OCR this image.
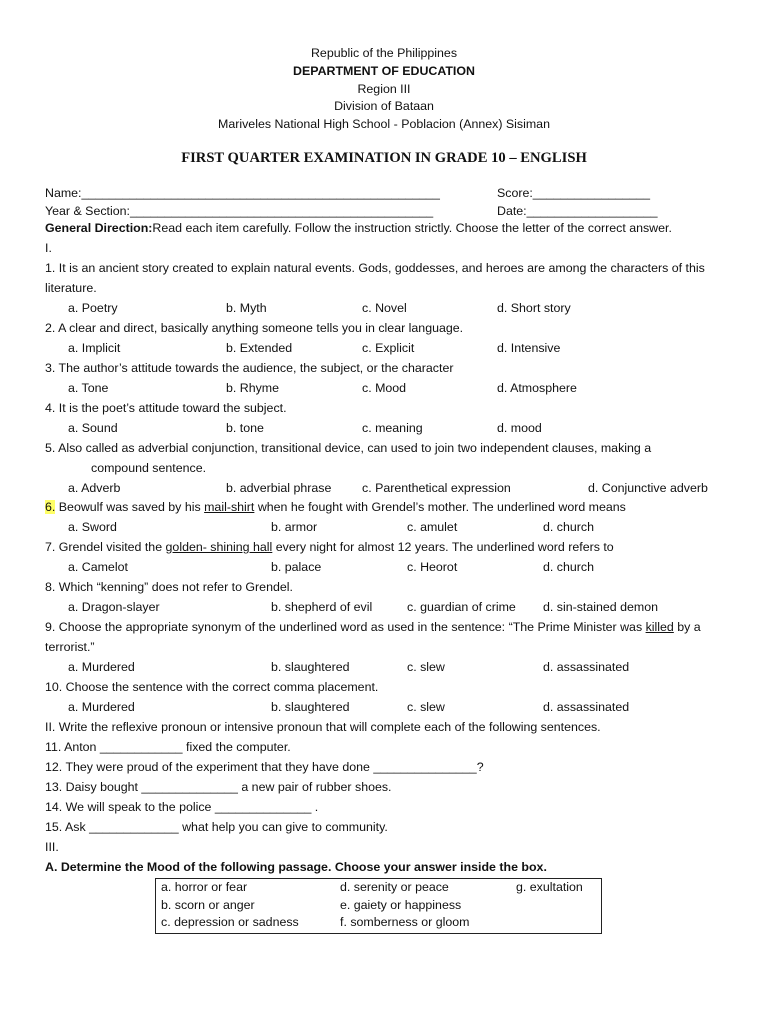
Republic of the Philippines
DEPARTMENT OF EDUCATION
Region III
Division of Bataan
Mariveles National High School - Poblacion (Annex) Sisiman
FIRST QUARTER EXAMINATION IN GRADE 10 – ENGLISH
Name:____________________________________________________	Score:_________________
Year & Section:____________________________________________	Date:___________________
General Direction:Read each item carefully. Follow the instruction strictly. Choose the letter of the correct answer.
I.
1. It is an ancient story created to explain natural events. Gods, goddesses, and heroes are among the characters of this
literature.
a. Poetry	b. Myth	c. Novel	d. Short story
2. A clear and direct, basically anything someone tells you in clear language.
a. Implicit	b. Extended	c. Explicit	d. Intensive
3. The author’s attitude towards the audience, the subject, or the character
a. Tone	b. Rhyme	c. Mood	d. Atmosphere
4. It is the poet’s attitude toward the subject.
a. Sound	b. tone	c. meaning	d. mood
5. Also called as adverbial conjunction, transitional device, can used to join two independent clauses, making a
compound sentence.
a. Adverb	b. adverbial phrase c. Parenthetical expression	d. Conjunctive adverb
6. Beowulf was saved by his mail-shirt when he fought with Grendel’s mother. The underlined word means
a. Sword	b. armor	c. amulet	d. church
7. Grendel visited the golden- shining hall every night for almost 12 years. The underlined word refers to
a. Camelot	b. palace	c. Heorot	d. church
8. Which “kenning” does not refer to Grendel.
a. Dragon-slayer	b. shepherd of evil	c. guardian of crime d. sin-stained demon
9. Choose the appropriate synonym of the underlined word as used in the sentence: “The Prime Minister was killed by a
terrorist.”
a. Murdered	b. slaughtered	c. slew	d. assassinated
10. Choose the sentence with the correct comma placement.
a. Murdered	b. slaughtered	c. slew	d. assassinated
II. Write the reflexive pronoun or intensive pronoun that will complete each of the following sentences.
11. Anton ____________ fixed the computer.
12. They were proud of the experiment that they have done _______________?
13. Daisy bought ______________ a new pair of rubber shoes.
14. We will speak to the police ______________ .
15. Ask _____________ what help you can give to community.
III.
A. Determine the Mood of the following passage. Choose your answer inside the box.
a. horror or fear	d. serenity or peace	g. exultation
b. scorn or anger	e. gaiety or happiness
c. depression or sadness	f. somberness or gloom
